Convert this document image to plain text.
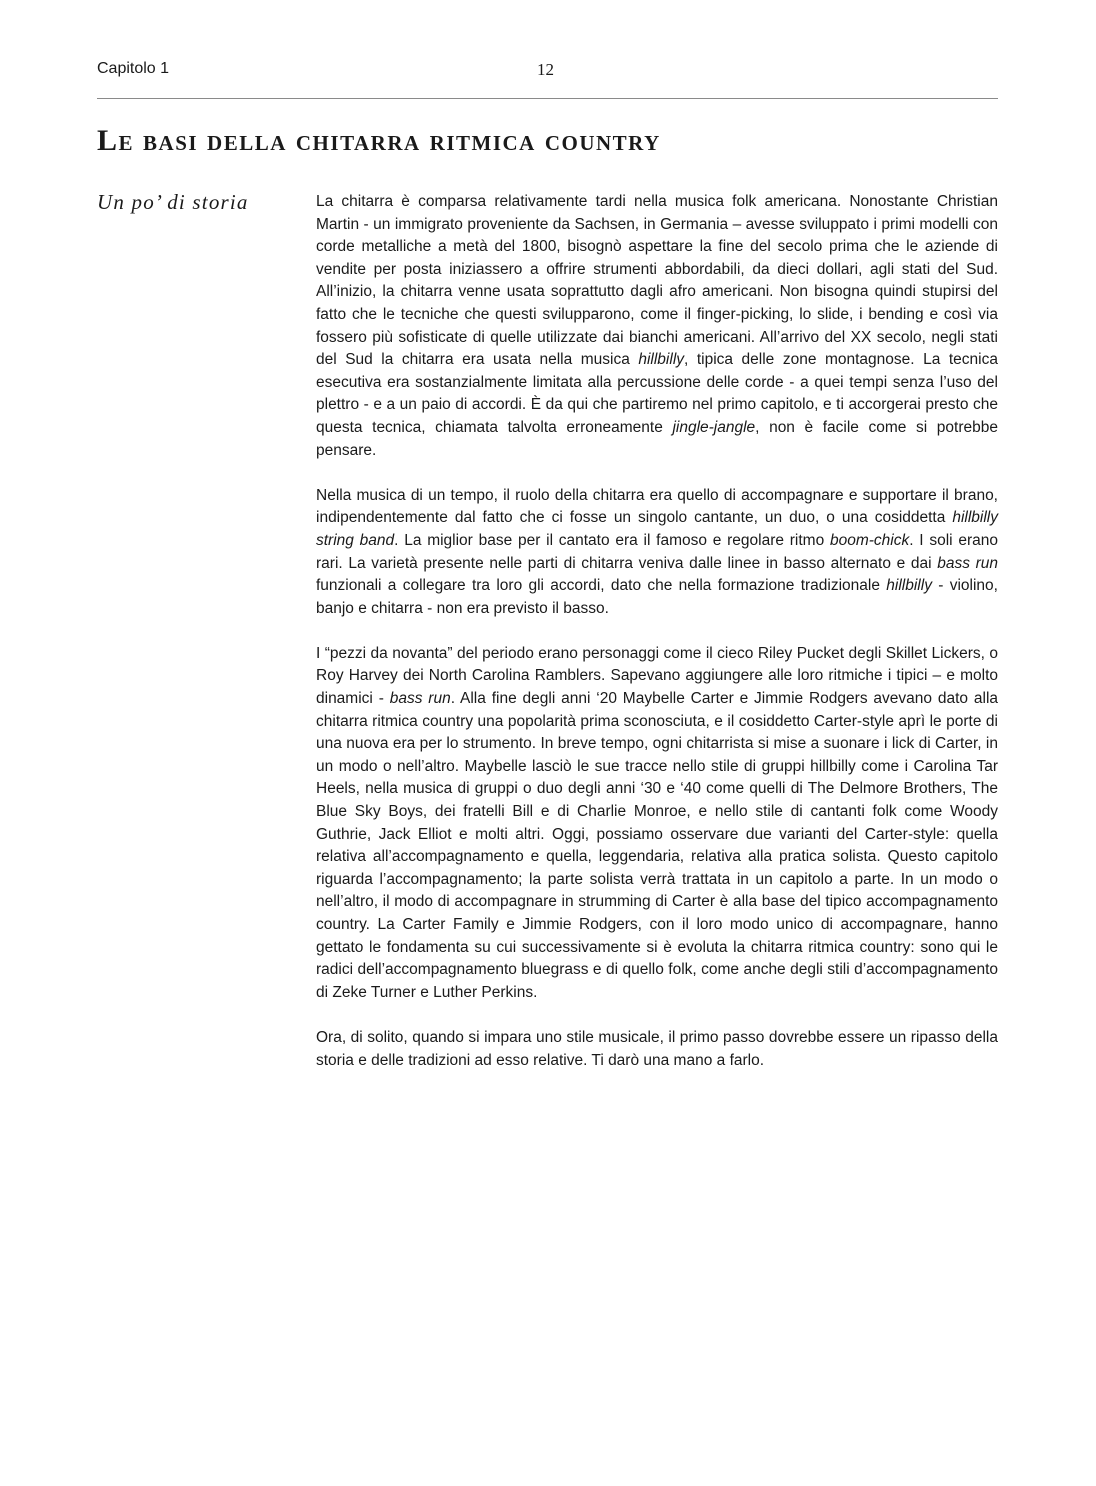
Capitolo 1	12
Le basi della chitarra ritmica country
Un po’ di storia	La chitarra è comparsa relativamente tardi nella musica folk americana. Nonostante Christian Martin - un immigrato proveniente da Sachsen, in Germania – avesse sviluppato i primi modelli con corde metalliche a metà del 1800, bisognò aspettare la fine del secolo prima che le aziende di vendite per posta iniziassero a offrire strumenti abbordabili, da dieci dollari, agli stati del Sud. All’inizio, la chitarra venne usata soprattutto dagli afro americani. Non bisogna quindi stupirsi del fatto che le tecniche che questi svilupparono, come il finger-picking, lo slide, i bending e così via fossero più sofisticate di quelle utilizzate dai bianchi americani. All’arrivo del XX secolo, negli stati del Sud la chitarra era usata nella musica hillbilly, tipica delle zone montagnose. La tecnica esecutiva era sostanzialmente limitata alla percussione delle corde - a quei tempi senza l’uso del plettro - e a un paio di accordi. È da qui che partiremo nel primo capitolo, e ti accorgerai presto che questa tecnica, chiamata talvolta erroneamente jingle-jangle, non è facile come si potrebbe pensare.

Nella musica di un tempo, il ruolo della chitarra era quello di accompagnare e supportare il brano, indipendentemente dal fatto che ci fosse un singolo cantante, un duo, o una cosiddetta hillbilly string band. La miglior base per il cantato era il famoso e regolare ritmo boom-chick. I soli erano rari. La varietà presente nelle parti di chitarra veniva dalle linee in basso alternato e dai bass run funzionali a collegare tra loro gli accordi, dato che nella formazione tradizionale hillbilly - violino, banjo e chitarra - non era previsto il basso.

I “pezzi da novanta” del periodo erano personaggi come il cieco Riley Pucket degli Skillet Lickers, o Roy Harvey dei North Carolina Ramblers. Sapevano aggiungere alle loro ritmiche i tipici – e molto dinamici - bass run. Alla fine degli anni ‘20 Maybelle Carter e Jimmie Rodgers avevano dato alla chitarra ritmica country una popolarità prima sconosciuta, e il cosiddetto Carter-style aprì le porte di una nuova era per lo strumento. In breve tempo, ogni chitarrista si mise a suonare i lick di Carter, in un modo o nell’altro. Maybelle lasciò le sue tracce nello stile di gruppi hillbilly come i Carolina Tar Heels, nella musica di gruppi o duo degli anni ‘30 e ‘40 come quelli di The Delmore Brothers, The Blue Sky Boys, dei fratelli Bill e di Charlie Monroe, e nello stile di cantanti folk come Woody Guthrie, Jack Elliot e molti altri. Oggi, possiamo osservare due varianti del Carter-style: quella relativa all’accompagnamento e quella, leggendaria, relativa alla pratica solista. Questo capitolo riguarda l’accompagnamento; la parte solista verrà trattata in un capitolo a parte. In un modo o nell’altro, il modo di accompagnare in strumming di Carter è alla base del tipico accompagnamento country. La Carter Family e Jimmie Rodgers, con il loro modo unico di accompagnare, hanno gettato le fondamenta su cui successivamente si è evoluta la chitarra ritmica country: sono qui le radici dell’accompagnamento bluegrass e di quello folk, come anche degli stili d’accompagnamento di Zeke Turner e Luther Perkins.

Ora, di solito, quando si impara uno stile musicale, il primo passo dovrebbe essere un ripasso della storia e delle tradizioni ad esso relative. Ti darò una mano a farlo.
